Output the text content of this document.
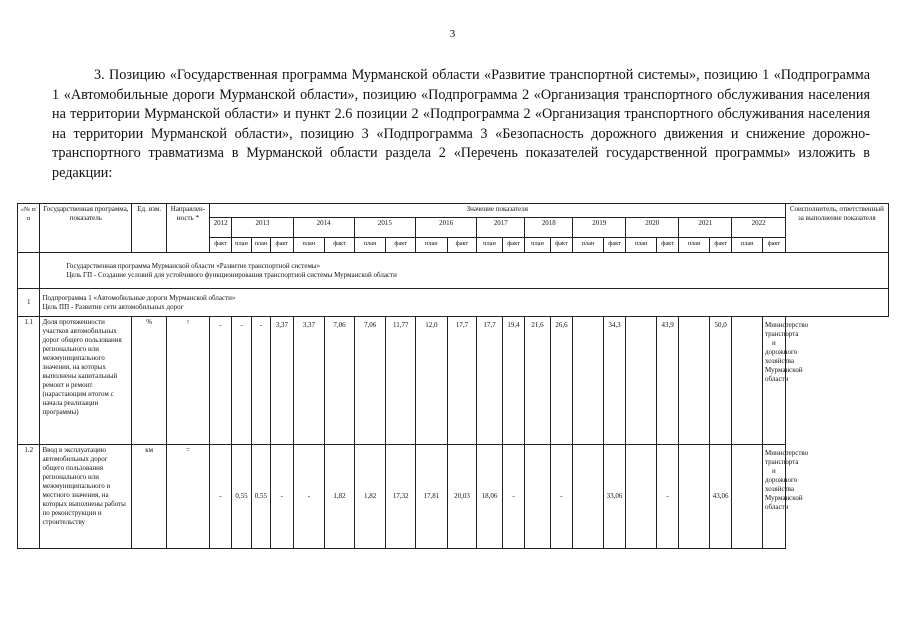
3
3. Позицию «Государственная программа Мурманской области «Развитие транспортной системы», позицию 1 «Подпрограмма 1 «Автомобильные дороги Мурманской области», позицию «Подпрограмма 2 «Организация транспортного обслуживания населения на территории Мурманской области» и пункт 2.6 позиции 2 «Подпрограмма 2 «Организация транспортного обслуживания населения на территории Мурманской области», позицию 3 «Подпрограмма 3 «Безопасность дорожного движения и снижение дорожно-транспортного травматизма в Мурманской области раздела 2 «Перечень показателей государственной программы» изложить в редакции:
«№ п/п	Государственная программа, показатель	Ед. изм.	Направлен-ность *	Значение показателя																						Соисполнитель, ответственный за выполнение показателя
				2012	2013			2014		2015		2016		2017		2018		2019		2020		2021		2022		
				факт	план	план	факт	план	факт	план	факт	план	факт	план	факт	план	факт	план	факт	план	факт	план	факт	план	факт	

	Государственная программа Мурманской области «Развитие транспортной системы»
Цель ГП - Создание условий для устойчивого функционирования транспортной системы Мурманской области																									

1	Подпрограмма 1 «Автомобильные дороги Мурманской области»
Цель ПП - Развитие сети автомобильных дорог																									

1.1	Доля протяженности участков автомобильных дорог общего пользования регионального или межмуниципального значения, на которых выполнены капитальный ремонт и ремонт (нарастающим итогом с начала реализации программы)	%	↑	-	-	-	3,37	3,37	7,06	7,06	11,77	12,0	17,7	17,7	19,4	21,6	26,6		34,3		43,9		50,0		Министерство транспорта и дорожного хозяйства Мурманской области	
1.2	Ввод в эксплуатацию автомобильных дорог общего пользования регионального или межмуниципального и местного значения, на которых выполнены работы по реконструкции и строительству	км	=	-	0,55	0,55	-	-	1,82	1,82	17,32	17,81	20,03	18,06	-		-		33,06		-		43,06		Министерство транспорта и дорожного хозяйства Мурманской области	
